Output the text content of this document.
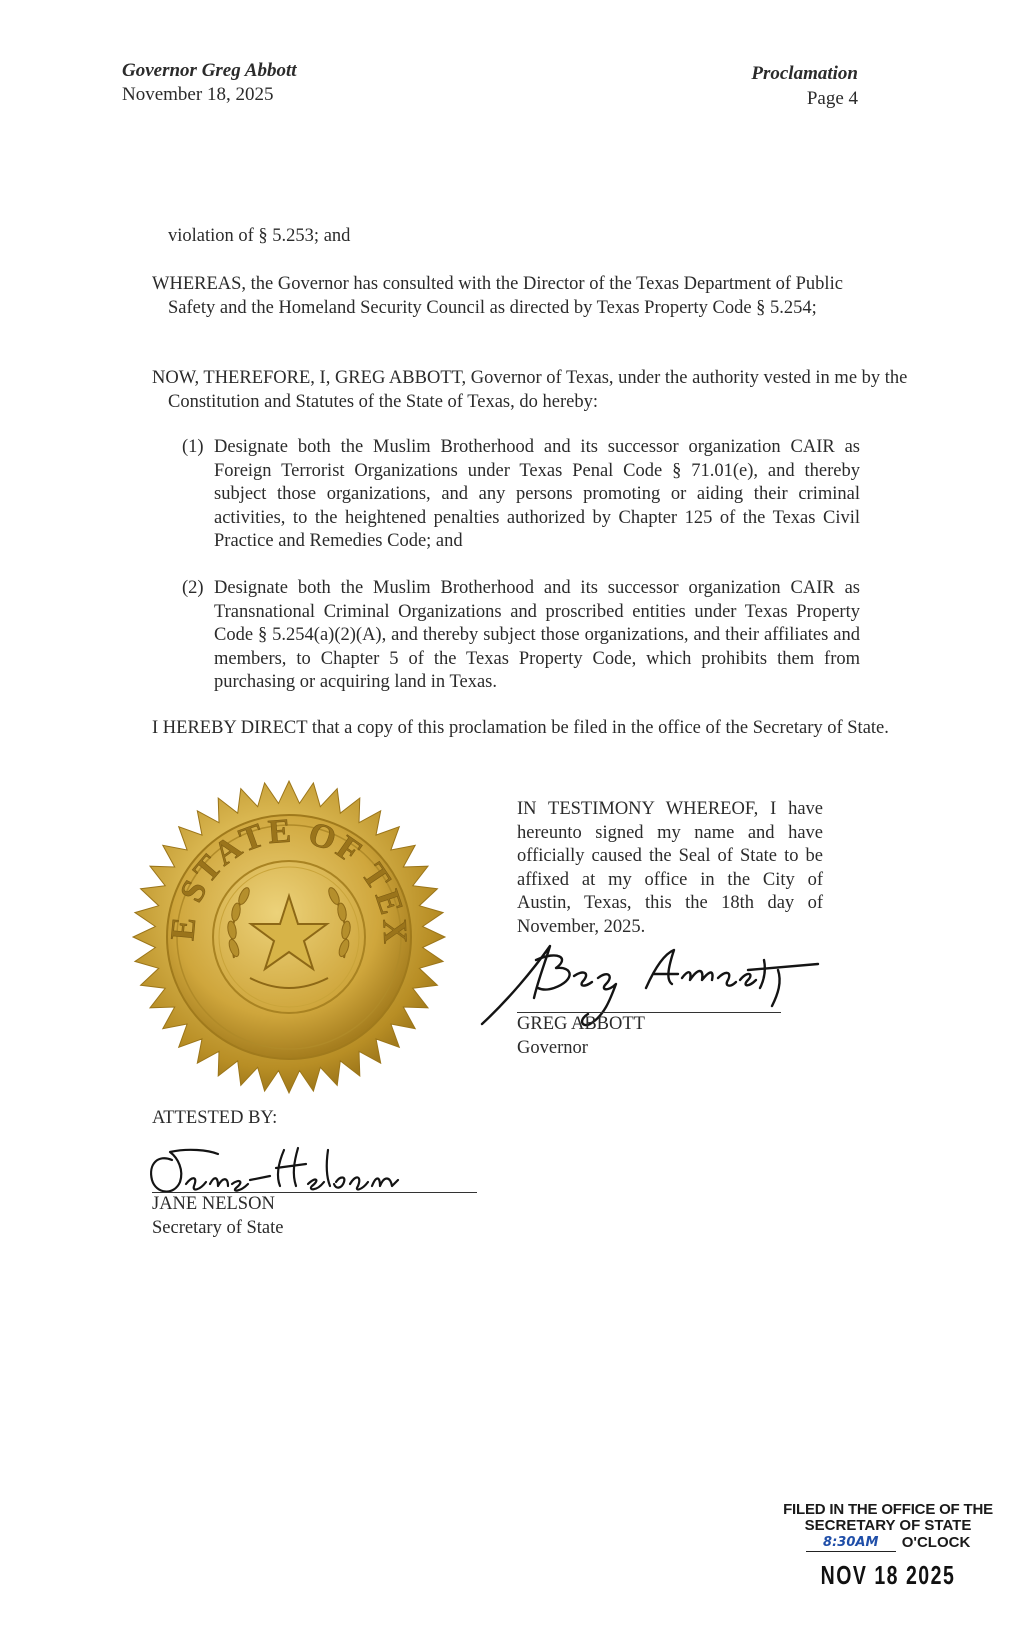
Governor Greg Abbott
November 18, 2025
Proclamation
Page 4
violation of § 5.253; and
WHEREAS, the Governor has consulted with the Director of the Texas Department of Public Safety and the Homeland Security Council as directed by Texas Property Code § 5.254;
NOW, THEREFORE, I, GREG ABBOTT, Governor of Texas, under the authority vested in me by the Constitution and Statutes of the State of Texas, do hereby:
(1) Designate both the Muslim Brotherhood and its successor organization CAIR as Foreign Terrorist Organizations under Texas Penal Code § 71.01(e), and thereby subject those organizations, and any persons promoting or aiding their criminal activities, to the heightened penalties authorized by Chapter 125 of the Texas Civil Practice and Remedies Code; and
(2) Designate both the Muslim Brotherhood and its successor organization CAIR as Transnational Criminal Organizations and proscribed entities under Texas Property Code § 5.254(a)(2)(A), and thereby subject those organizations, and their affiliates and members, to Chapter 5 of the Texas Property Code, which prohibits them from purchasing or acquiring land in Texas.
I HEREBY DIRECT that a copy of this proclamation be filed in the office of the Secretary of State.
E STATE OF TEX
IN TESTIMONY WHEREOF, I have hereunto signed my name and have officially caused the Seal of State to be affixed at my office in the City of Austin, Texas, this the 18th day of November, 2025.
GREG ABBOTT
Governor
ATTESTED BY:
JANE NELSON
Secretary of State
FILED IN THE OFFICE OF THE
SECRETARY OF STATE
8:30AM	O'CLOCK
NOV 18 2025
